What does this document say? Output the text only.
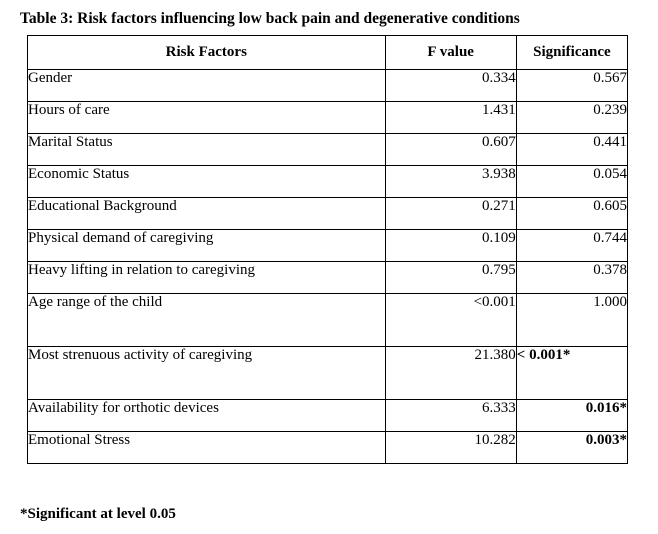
Table 3: Risk factors influencing low back pain and degenerative conditions
Risk Factors	F value	Significance
Gender	0.334	0.567
Hours of care	1.431	0.239
Marital Status	0.607	0.441
Economic Status	3.938	0.054
Educational Background	0.271	0.605
Physical demand of caregiving	0.109	0.744
Heavy lifting in relation to caregiving	0.795	0.378
Age range of the child	<0.001	1.000
Most strenuous activity of caregiving	21.380	< 0.001*
Availability for orthotic devices	6.333	0.016*
Emotional Stress	10.282	0.003*
*Significant at level 0.05
